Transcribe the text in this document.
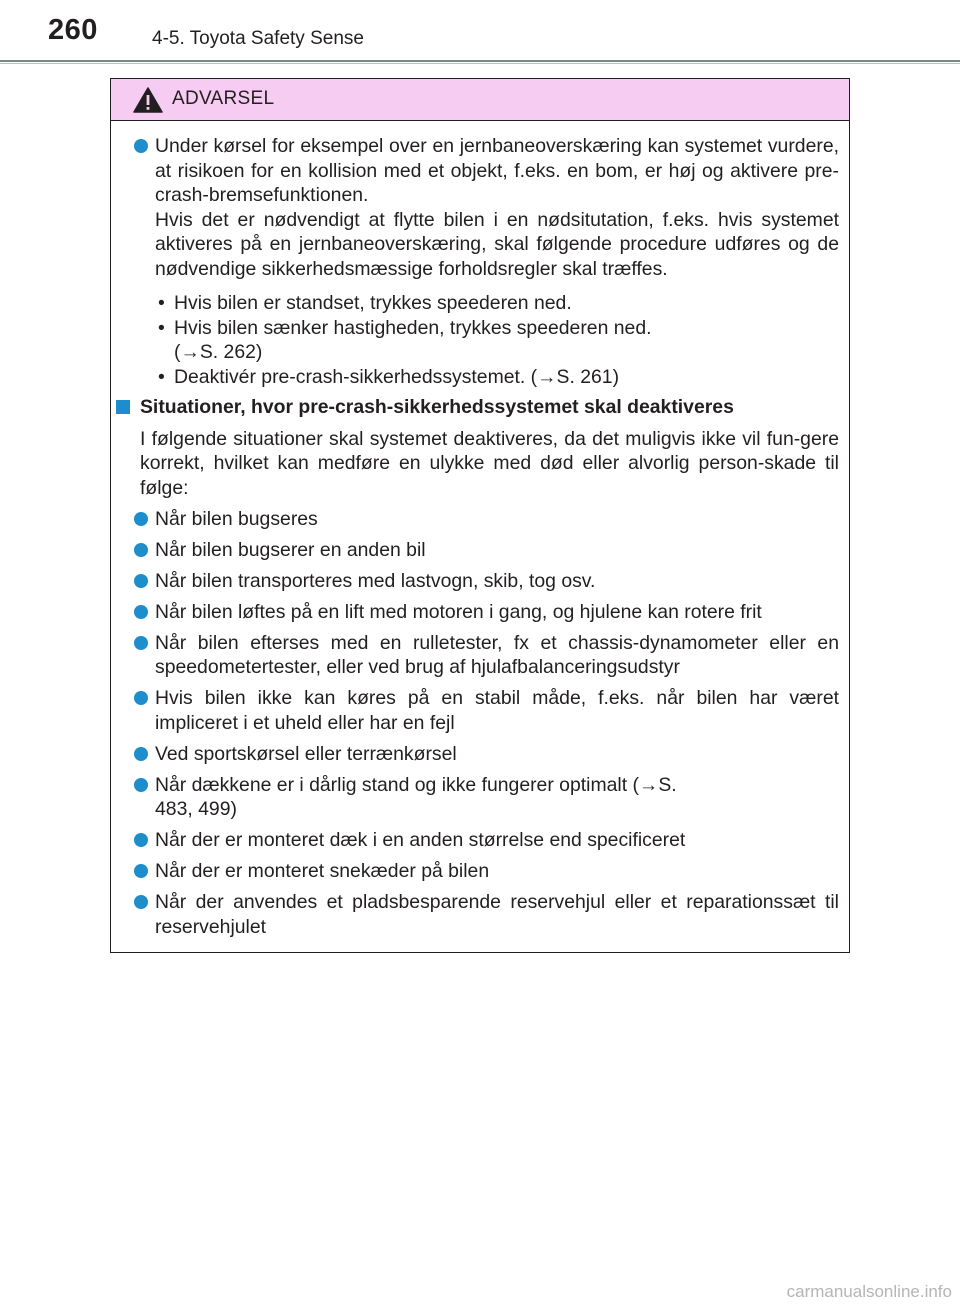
260	4-5. Toyota Safety Sense
ADVARSEL
Under kørsel for eksempel over en jernbaneoverskæring kan systemet vurdere, at risikoen for en kollision med et objekt, f.eks. en bom, er høj og aktivere pre-crash-bremsefunktionen.
Hvis det er nødvendigt at flytte bilen i en nødsitutation, f.eks. hvis systemet aktiveres på en jernbaneoverskæring, skal følgende procedure udføres og de nødvendige sikkerhedsmæssige forholdsregler skal træffes.
• Hvis bilen er standset, trykkes speederen ned.
• Hvis bilen sænker hastigheden, trykkes speederen ned.
(→S. 262)
• Deaktivér pre-crash-sikkerhedssystemet. (→S. 261)
Situationer, hvor pre-crash-sikkerhedssystemet skal deaktiveres
I følgende situationer skal systemet deaktiveres, da det muligvis ikke vil fun-gere korrekt, hvilket kan medføre en ulykke med død eller alvorlig person-skade til følge:
Når bilen bugseres
Når bilen bugserer en anden bil
Når bilen transporteres med lastvogn, skib, tog osv.
Når bilen løftes på en lift med motoren i gang, og hjulene kan rotere frit
Når bilen efterses med en rulletester, fx et chassis-dynamometer eller en speedometertester, eller ved brug af hjulafbalanceringsudstyr
Hvis bilen ikke kan køres på en stabil måde, f.eks. når bilen har været impliceret i et uheld eller har en fejl
Ved sportskørsel eller terrænkørsel
Når dækkene er i dårlig stand og ikke fungerer optimalt (→S. 483, 499)
Når der er monteret dæk i en anden størrelse end specificeret
Når der er monteret snekæder på bilen
Når der anvendes et pladsbesparende reservehjul eller et reparationssæt til reservehjulet
carmanualsonline.info
